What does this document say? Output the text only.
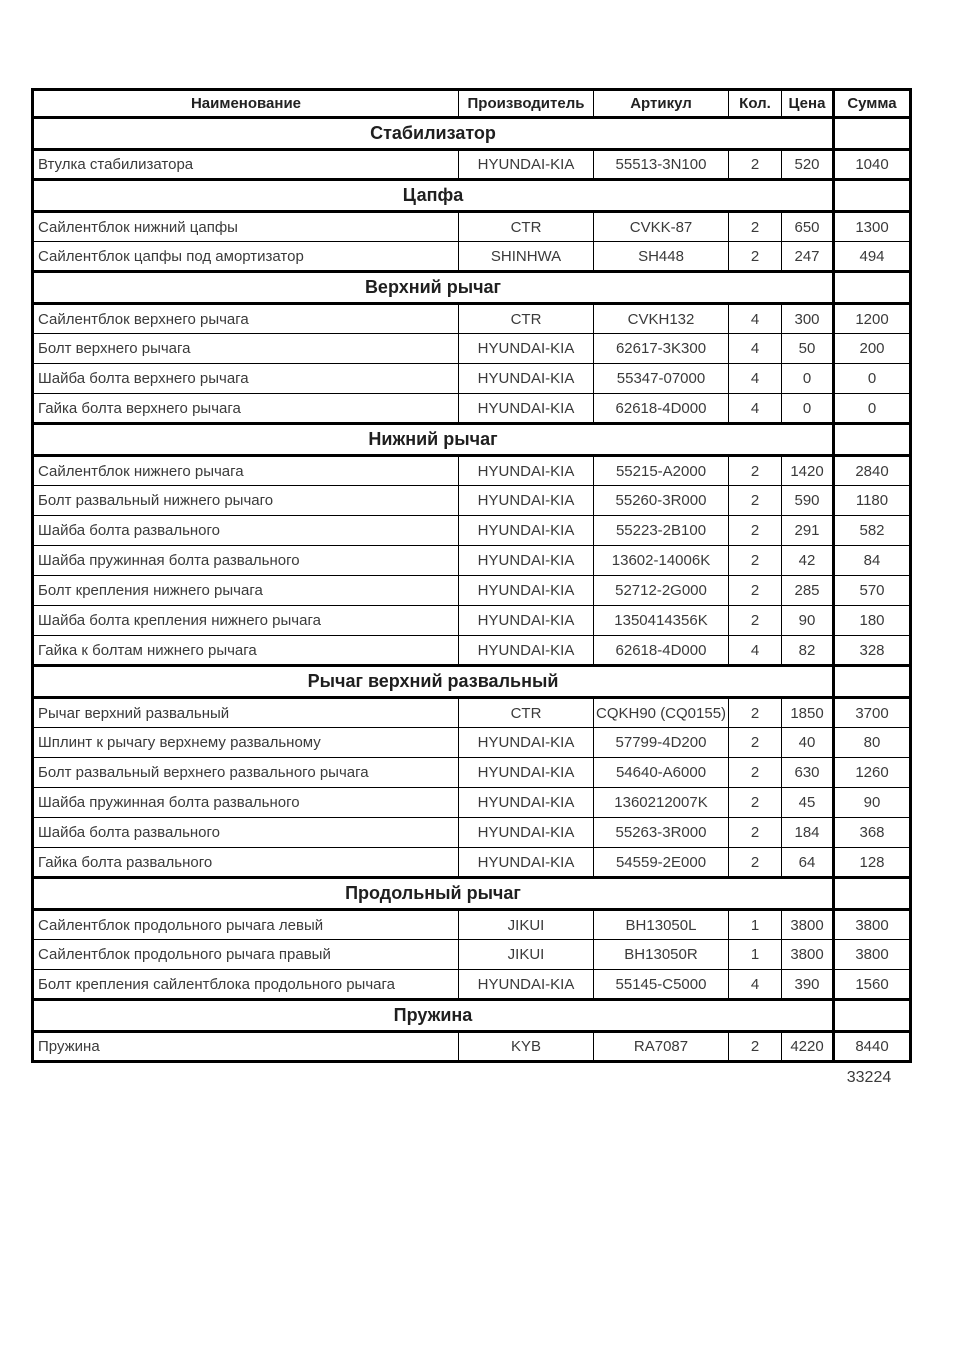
Наименование	Производитель	Артикул	Кол.	Цена	Сумма
Стабилизатор					
Втулка стабилизатора	HYUNDAI-KIA	55513-3N100	2	520	1040
Цапфа					
Сайлентблок нижний цапфы	CTR	CVKK-87	2	650	1300
Сайлентблок цапфы под амортизатор	SHINHWA	SH448	2	247	494
Верхний рычаг					
Сайлентблок верхнего рычага	CTR	CVKH132	4	300	1200
Болт верхнего рычага	HYUNDAI-KIA	62617-3K300	4	50	200
Шайба болта верхнего рычага	HYUNDAI-KIA	55347-07000	4	0	0
Гайка болта верхнего рычага	HYUNDAI-KIA	62618-4D000	4	0	0
Нижний рычаг					
Сайлентблок нижнего рычага	HYUNDAI-KIA	55215-A2000	2	1420	2840
Болт развальный нижнего рычаго	HYUNDAI-KIA	55260-3R000	2	590	1180
Шайба болта развального	HYUNDAI-KIA	55223-2B100	2	291	582
Шайба пружинная болта развального	HYUNDAI-KIA	13602-14006K	2	42	84
Болт крепления нижнего рычага	HYUNDAI-KIA	52712-2G000	2	285	570
Шайба болта крепления нижнего рычага	HYUNDAI-KIA	1350414356K	2	90	180
Гайка к болтам нижнего рычага	HYUNDAI-KIA	62618-4D000	4	82	328
Рычаг верхний развальный					
Рычаг верхний развальный	CTR	CQKH90 (CQ0155)	2	1850	3700
Шплинт к рычагу верхнему развальному	HYUNDAI-KIA	57799-4D200	2	40	80
Болт развальный верхнего развального рычага	HYUNDAI-KIA	54640-A6000	2	630	1260
Шайба пружинная болта развального	HYUNDAI-KIA	1360212007K	2	45	90
Шайба болта развального	HYUNDAI-KIA	55263-3R000	2	184	368
Гайка болта развального	HYUNDAI-KIA	54559-2E000	2	64	128
Продольный рычаг					
Сайлентблок продольного рычага левый	JIKUI	BH13050L	1	3800	3800
Сайлентблок продольного рычага правый	JIKUI	BH13050R	1	3800	3800
Болт крепления сайлентблока продольного рычага	HYUNDAI-KIA	55145-C5000	4	390	1560
Пружина					
Пружина	KYB	RA7087	2	4220	8440
33224
